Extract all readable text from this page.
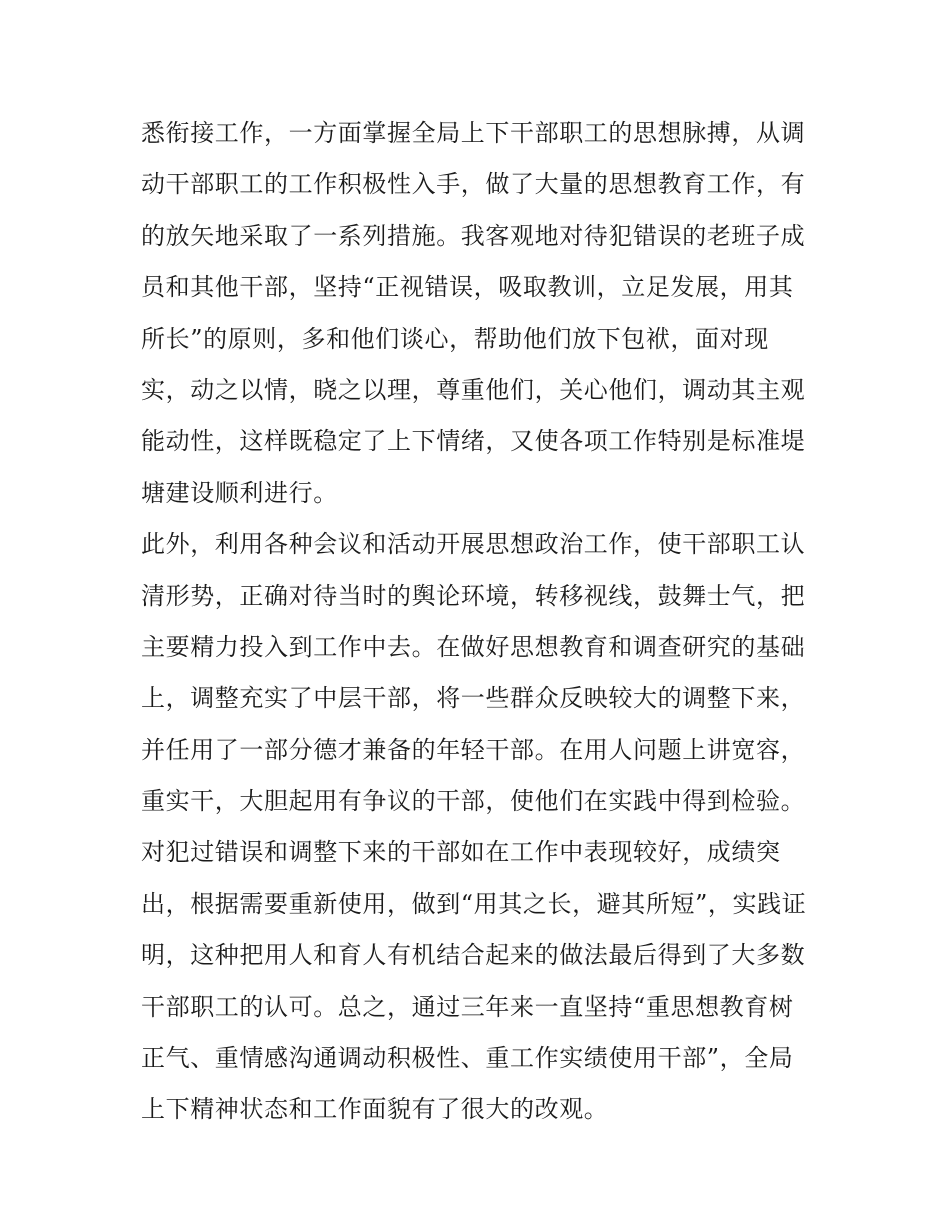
悉衔接工作，一方面掌握全局上下干部职工的思想脉搏，从调
动干部职工的工作积极性入手，做了大量的思想教育工作，有
的放矢地采取了一系列措施。我客观地对待犯错误的老班子成
员和其他干部，坚持“正视错误，吸取教训，立足发展，用其
所长”的原则，多和他们谈心，帮助他们放下包袱，面对现
实，动之以情，晓之以理，尊重他们，关心他们，调动其主观
能动性，这样既稳定了上下情绪，又使各项工作特别是标准堤
塘建设顺利进行。
此外，利用各种会议和活动开展思想政治工作，使干部职工认
清形势，正确对待当时的舆论环境，转移视线，鼓舞士气，把
主要精力投入到工作中去。在做好思想教育和调查研究的基础
上，调整充实了中层干部，将一些群众反映较大的调整下来，
并任用了一部分德才兼备的年轻干部。在用人问题上讲宽容，
重实干，大胆起用有争议的干部，使他们在实践中得到检验。
对犯过错误和调整下来的干部如在工作中表现较好，成绩突
出，根据需要重新使用，做到“用其之长，避其所短”，实践证
明，这种把用人和育人有机结合起来的做法最后得到了大多数
干部职工的认可。总之，通过三年来一直坚持“重思想教育树
正气、重情感沟通调动积极性、重工作实绩使用干部”，全局
上下精神状态和工作面貌有了很大的改观。
